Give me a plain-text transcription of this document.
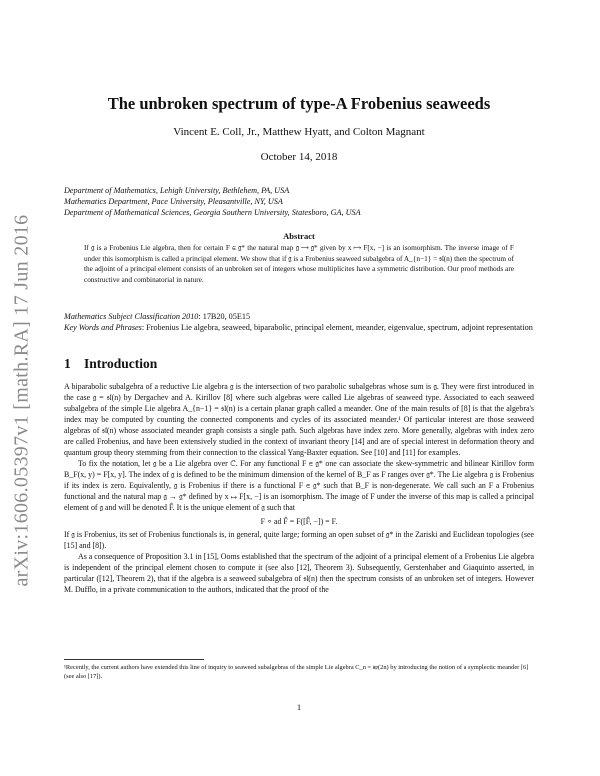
arXiv:1606.05397v1 [math.RA] 17 Jun 2016
The unbroken spectrum of type-A Frobenius seaweeds
Vincent E. Coll, Jr., Matthew Hyatt, and Colton Magnant
October 14, 2018
Department of Mathematics, Lehigh University, Bethlehem, PA, USA
Mathematics Department, Pace University, Pleasantville, NY, USA
Department of Mathematical Sciences, Georgia Southern University, Statesboro, GA, USA
Abstract
If 𝔤 is a Frobenius Lie algebra, then for certain F ∈ 𝔤* the natural map 𝔤 ⟶ 𝔤* given by x ⟼ F[x, −] is an isomorphism. The inverse image of F under this isomorphism is called a principal element. We show that if 𝔤 is a Frobenius seaweed subalgebra of A_{n−1} = 𝔰𝔩(n) then the spectrum of the adjoint of a principal element consists of an unbroken set of integers whose multiplicites have a symmetric distribution. Our proof methods are constructive and combinatorial in nature.
Mathematics Subject Classification 2010: 17B20, 05E15
Key Words and Phrases: Frobenius Lie algebra, seaweed, biparabolic, principal element, meander, eigenvalue, spectrum, adjoint representation
1 Introduction

A biparabolic subalgebra of a reductive Lie algebra 𝔤 is the intersection of two parabolic subalgebras whose sum is 𝔤. They were first introduced in the case 𝔤 = 𝔰𝔩(n) by Dergachev and A. Kirillov [8] where such algebras were called Lie algebras of seaweed type. Associated to each seaweed subalgebra of the simple Lie algebra A_{n−1} = 𝔰𝔩(n) is a certain planar graph called a meander. One of the main results of [8] is that the algebra's index may be computed by counting the connected components and cycles of its associated meander.¹ Of particular interest are those seaweed algebras of 𝔰𝔩(n) whose associated meander graph consists a single path. Such algebras have index zero. More generally, algebras with index zero are called Frobenius, and have been extensively studied in the context of invariant theory [14] and are of special interest in deformation theory and quantum group theory stemming from their connection to the classical Yang-Baxter equation. See [10] and [11] for examples.

To fix the notation, let 𝔤 be a Lie algebra over ℂ. For any functional F ∈ 𝔤* one can associate the skew-symmetric and bilinear Kirillov form B_F(x, y) = F[x, y]. The index of 𝔤 is defined to be the minimum dimension of the kernel of B_F as F ranges over 𝔤*. The Lie algebra 𝔤 is Frobenius if its index is zero. Equivalently, 𝔤 is Frobenius if there is a functional F ∈ 𝔤* such that B_F is non-degenerate. We call such an F a Frobenius functional and the natural map 𝔤 → 𝔤* defined by x ↦ F[x, −] is an isomorphism. The image of F under the inverse of this map is called a principal element of 𝔤 and will be denoted F̂. It is the unique element of 𝔤 such that

F ∘ ad F̂ = F([F̂, −]) = F.

If 𝔤 is Frobenius, its set of Frobenius functionals is, in general, quite large; forming an open subset of 𝔤* in the Zariski and Euclidean topologies (see [15] and [8]).

As a consequence of Proposition 3.1 in [15], Ooms established that the spectrum of the adjoint of a principal element of a Frobenius Lie algebra is independent of the principal element chosen to compute it (see also [12], Theorem 3). Subsequently, Gerstenhaber and Giaquinto asserted, in particular ([12], Theorem 2), that if the algebra is a seaweed subalgebra of 𝔰𝔩(n) then the spectrum consists of an unbroken set of integers. However M. Dufflo, in a private communication to the authors, indicated that the proof of the

¹Recently, the current authors have extended this line of inquiry to seaweed subalgebras of the simple Lie algebra C_n = 𝔰𝔭(2n) by introducing the notion of a symplectic meander [6] (see also [17]).
1
